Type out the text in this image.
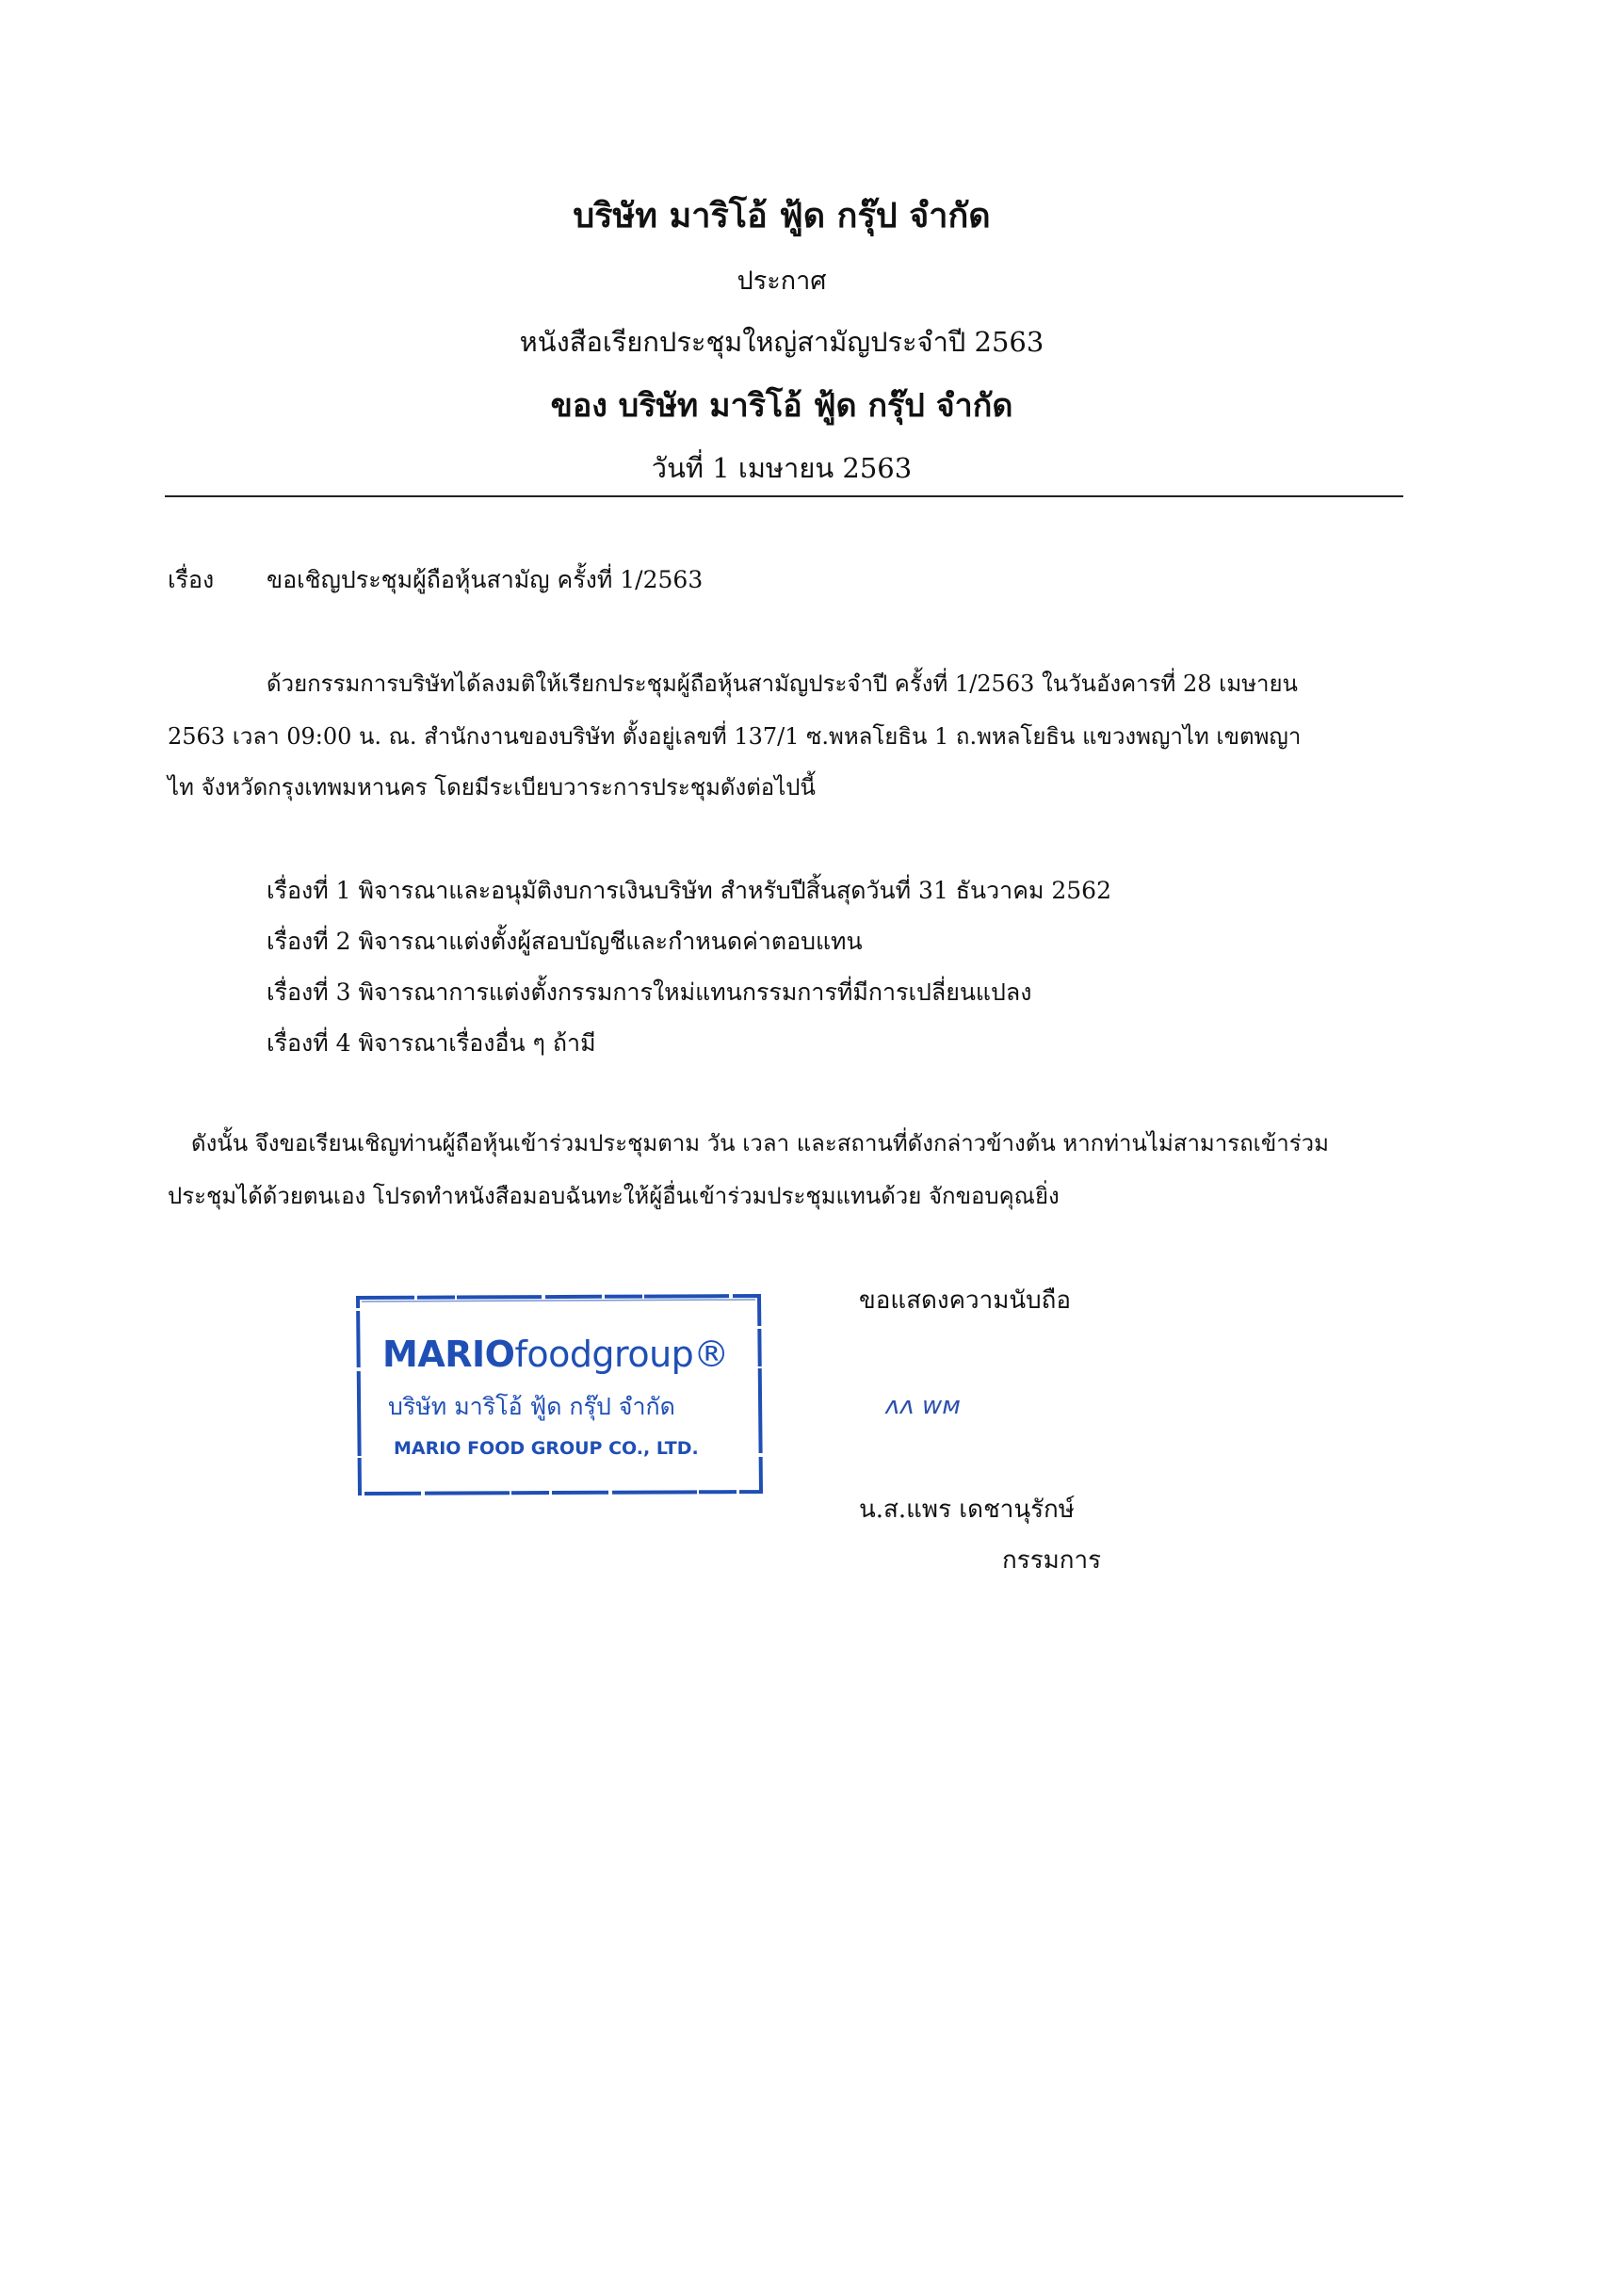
บริษัท มาริโอ้ ฟู้ด กรุ๊ป จำกัด
ประกาศ
หนังสือเรียกประชุมใหญ่สามัญประจำปี 2563
ของ บริษัท มาริโอ้ ฟู้ด กรุ๊ป จำกัด
วันที่ 1 เมษายน 2563
เรื่อง ขอเชิญประชุมผู้ถือหุ้นสามัญ ครั้งที่ 1/2563
ด้วยกรรมการบริษัทได้ลงมติให้เรียกประชุมผู้ถือหุ้นสามัญประจำปี ครั้งที่ 1/2563 ในวันอังคารที่ 28 เมษายน
2563 เวลา 09:00 น. ณ. สำนักงานของบริษัท ตั้งอยู่เลขที่ 137/1 ซ.พหลโยธิน 1 ถ.พหลโยธิน แขวงพญาไท เขตพญา
ไท จังหวัดกรุงเทพมหานคร โดยมีระเบียบวาระการประชุมดังต่อไปนี้
เรื่องที่ 1 พิจารณาและอนุมัติงบการเงินบริษัท สำหรับปีสิ้นสุดวันที่ 31 ธันวาคม 2562
เรื่องที่ 2 พิจารณาแต่งตั้งผู้สอบบัญชีและกำหนดค่าตอบแทน
เรื่องที่ 3 พิจารณาการแต่งตั้งกรรมการใหม่แทนกรรมการที่มีการเปลี่ยนแปลง
เรื่องที่ 4 พิจารณาเรื่องอื่น ๆ ถ้ามี
ดังนั้น จึงขอเรียนเชิญท่านผู้ถือหุ้นเข้าร่วมประชุมตาม วัน เวลา และสถานที่ดังกล่าวข้างต้น หากท่านไม่สามารถเข้าร่วม
ประชุมได้ด้วยตนเอง โปรดทำหนังสือมอบฉันทะให้ผู้อื่นเข้าร่วมประชุมแทนด้วย จักขอบคุณยิ่ง
MARIOfoodgroup®
บริษัท มาริโอ้ ฟู้ด กรุ๊ป จำกัด
MARIO FOOD GROUP CO., LTD.
ขอแสดงความนับถือ
ᴧᴧ wᴍ
น.ส.แพร เดชานุรักษ์
กรรมการ
